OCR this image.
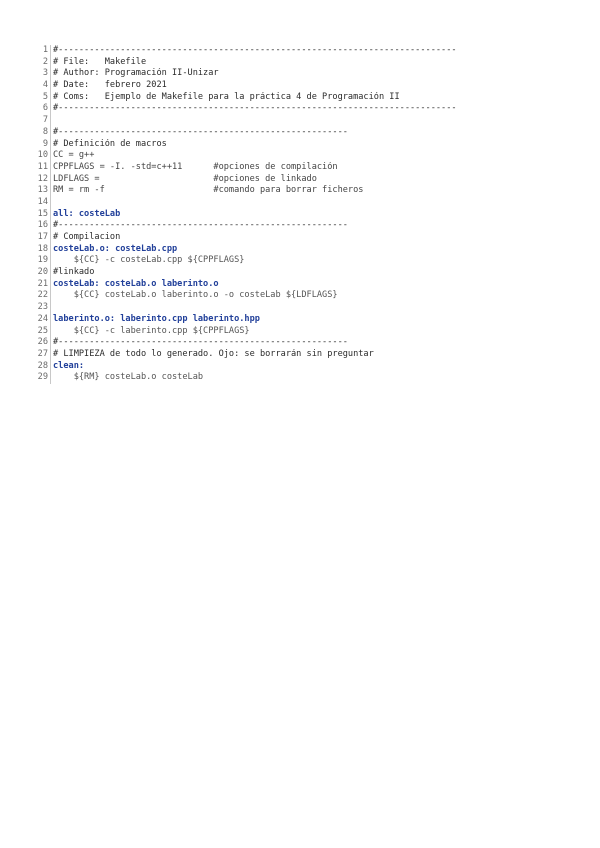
1 #-----------------------------------------------------------------------------
2 # File:   Makefile
3 # Author: Programación II-Unizar
4 # Date:   febrero 2021
5 # Coms:   Ejemplo de Makefile para la práctica 4 de Programación II
6 #-----------------------------------------------------------------------------
7
8 #--------------------------------------------------------
9 # Definición de macros
10 CC = g++
11 CPPFLAGS = -I. -std=c++11      #opciones de compilación
12 LDFLAGS =                      #opciones de linkado
13 RM = rm -f                     #comando para borrar ficheros
14
15 all: costeLab
16 #--------------------------------------------------------
17 # Compilacion
18 costeLab.o: costeLab.cpp
19 ${CC} -c costeLab.cpp ${CPPFLAGS}
20 #linkado
21 costeLab: costeLab.o laberinto.o
22 ${CC} costeLab.o laberinto.o -o costeLab ${LDFLAGS}
23
24 laberinto.o: laberinto.cpp laberinto.hpp
25 ${CC} -c laberinto.cpp ${CPPFLAGS}
26 #--------------------------------------------------------
27 # LIMPIEZA de todo lo generado. Ojo: se borrarán sin preguntar
28 clean:
29 ${RM} costeLab.o costeLab
